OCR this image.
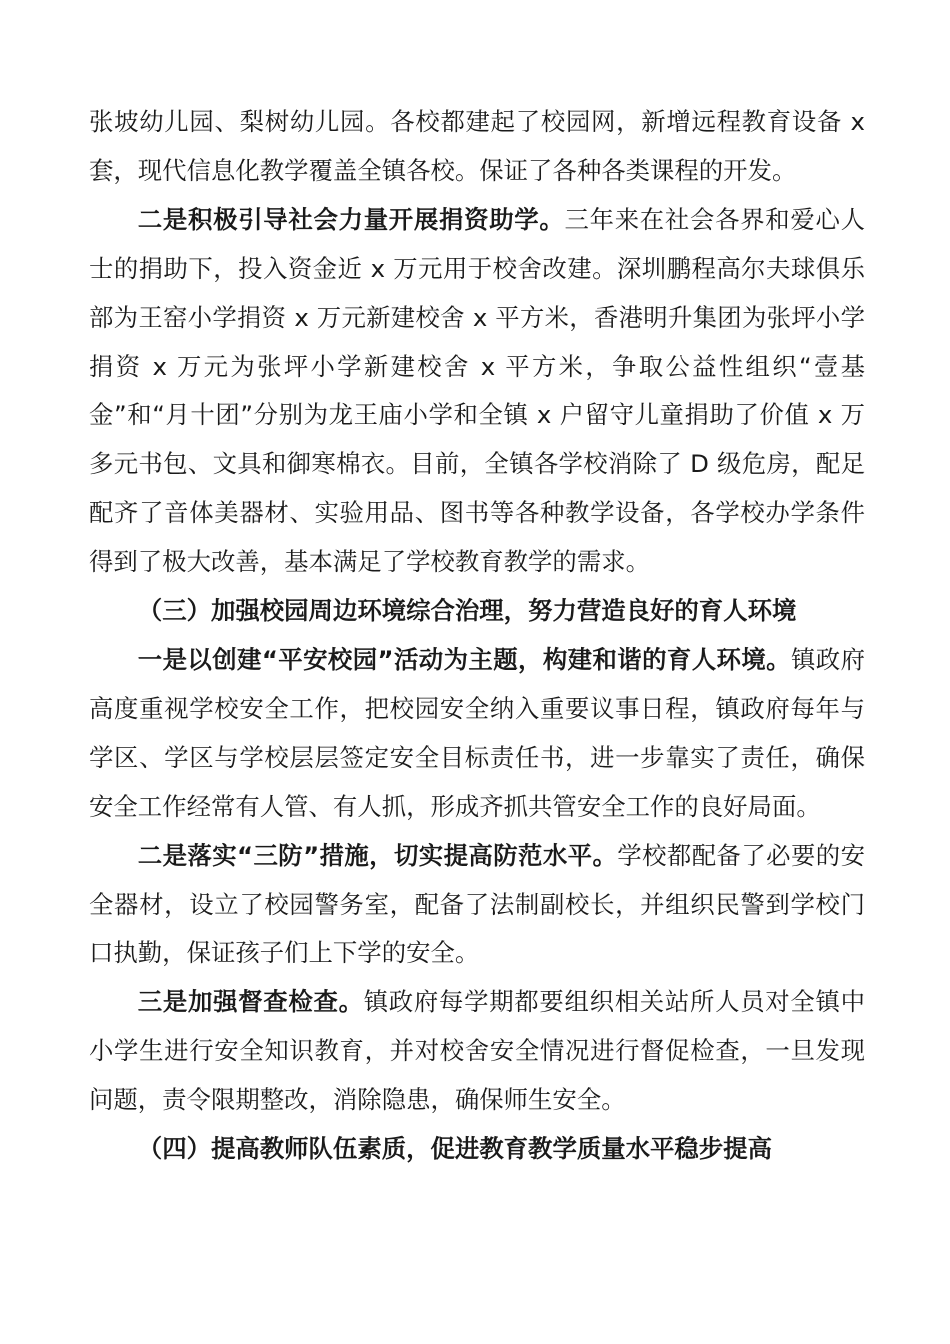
张坡幼儿园、梨树幼儿园。各校都建起了校园网，新增远程教育设备 x 套，现代信息化教学覆盖全镇各校。保证了各种各类课程的开发。

二是积极引导社会力量开展捐资助学。三年来在社会各界和爱心人士的捐助下，投入资金近 x 万元用于校舍改建。深圳鹏程高尔夫球俱乐部为王窑小学捐资 x 万元新建校舍 x 平方米，香港明升集团为张坪小学捐资 x 万元为张坪小学新建校舍 x 平方米，争取公益性组织“壹基金”和“月十团”分别为龙王庙小学和全镇 x 户留守儿童捐助了价值 x 万多元书包、文具和御寒棉衣。目前，全镇各学校消除了 D 级危房，配足配齐了音体美器材、实验用品、图书等各种教学设备，各学校办学条件得到了极大改善，基本满足了学校教育教学的需求。

（三）加强校园周边环境综合治理，努力营造良好的育人环境

一是以创建“平安校园”活动为主题，构建和谐的育人环境。镇政府高度重视学校安全工作，把校园安全纳入重要议事日程，镇政府每年与学区、学区与学校层层签定安全目标责任书，进一步靠实了责任，确保安全工作经常有人管、有人抓，形成齐抓共管安全工作的良好局面。

二是落实“三防”措施，切实提高防范水平。学校都配备了必要的安全器材，设立了校园警务室，配备了法制副校长，并组织民警到学校门口执勤，保证孩子们上下学的安全。

三是加强督查检查。镇政府每学期都要组织相关站所人员对全镇中小学生进行安全知识教育，并对校舍安全情况进行督促检查，一旦发现问题，责令限期整改，消除隐患，确保师生安全。

（四）提高教师队伍素质，促进教育教学质量水平稳步提高
